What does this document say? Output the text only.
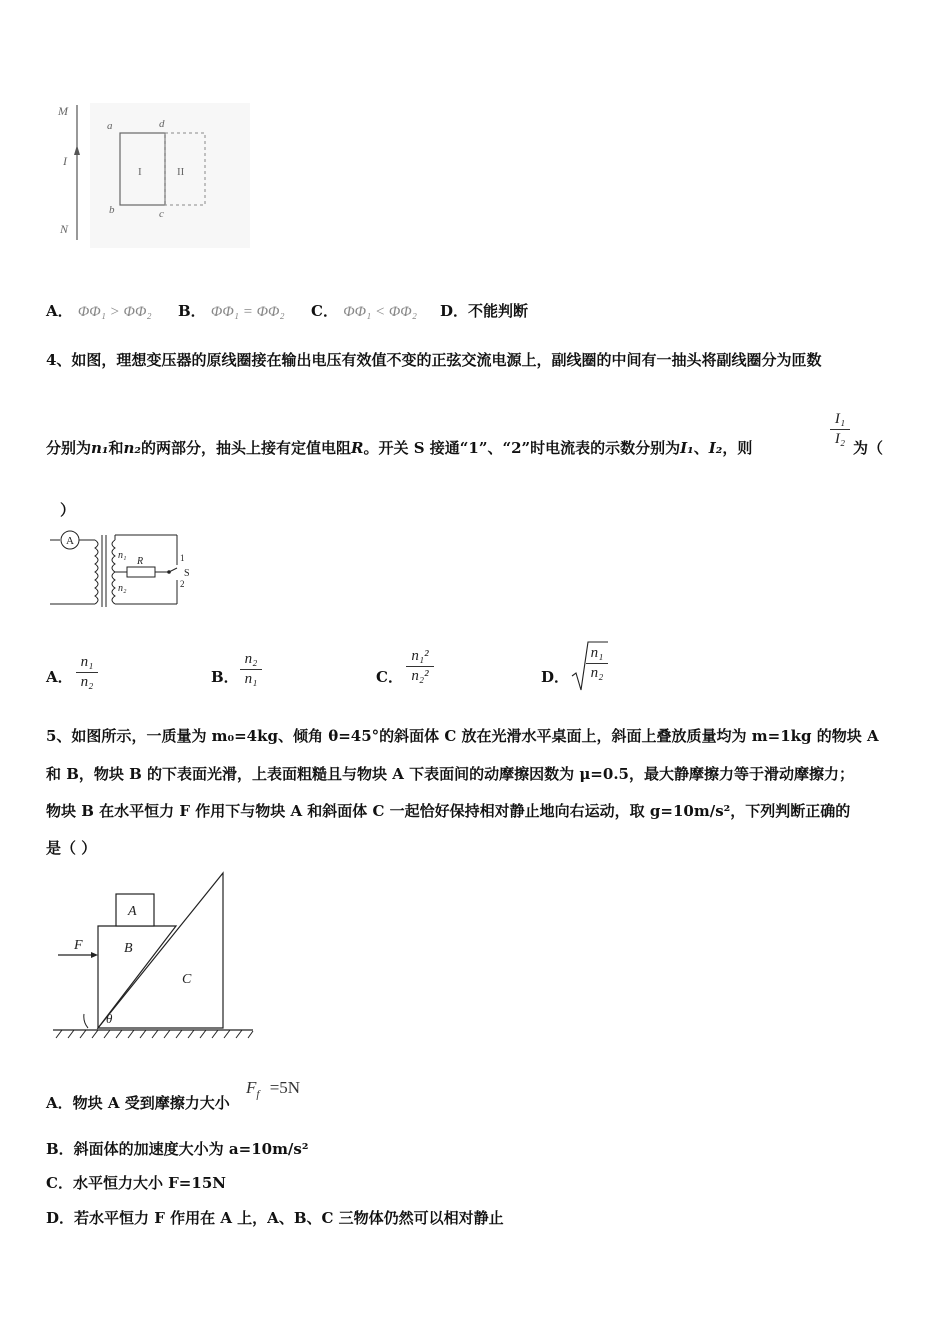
M
I
N
a	d
b	c
I	II
A． ΦΦ₁ > ΦΦ₂ B． ΦΦ₁ = ΦΦ₂ C． ΦΦ₁ < ΦΦ₂ D．不能判断
4、如图，理想变压器的原线圈接在输出电压有效值不变的正弦交流电源上，副线圈的中间有一抽头将副线圈分为匝数
分别为n₁和n₂的两部分，抽头上接有定值电阻R。开关 S 接通“1”、“2”时电流表的示数分别为I₁、I₂，则
I₁
I₂ 为（
）
A
n₁
n₂
R
S
1
2
A．
n₁
n₂	B．
n₂
n₁	C．
n₁²
n₂²	D．
n₁
n₂
5、如图所示，一质量为 m₀=4kg、倾角 θ=45°的斜面体 C 放在光滑水平桌面上，斜面上叠放质量均为 m=1kg 的物块 A
和 B，物块 B 的下表面光滑，上表面粗糙且与物块 A 下表面间的动摩擦因数为 μ=0.5，最大静摩擦力等于滑动摩擦力；
物块 B 在水平恒力 F 作用下与物块 A 和斜面体 C 一起恰好保持相对静止地向右运动，取 g=10m/s²，下列判断正确的
是（ ）
A
B
C
F
θ
A．物块 A 受到摩擦力大小
$F_f =5N$
B．斜面体的加速度大小为 a=10m/s²
C．水平恒力大小 F=15N
D．若水平恒力 F 作用在 A 上，A、B、C 三物体仍然可以相对静止
